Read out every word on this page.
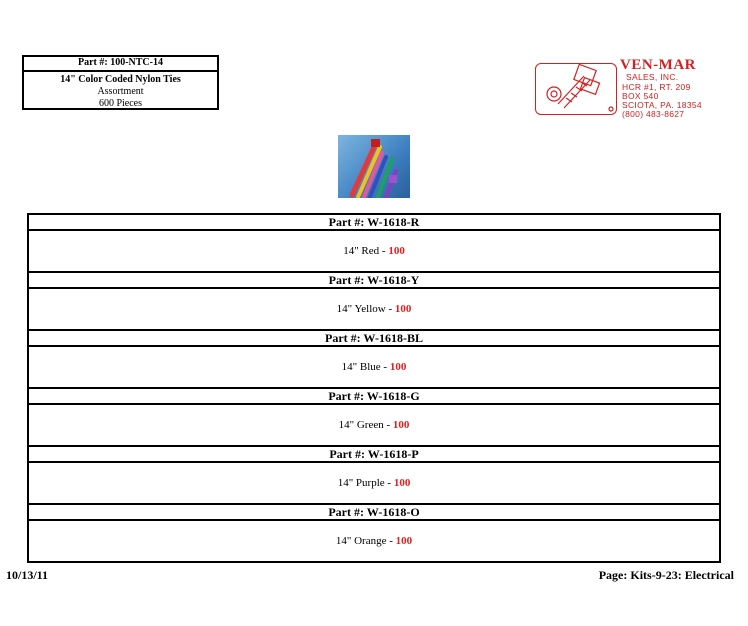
Part #: 100-NTC-14
14" Color Coded Nylon Ties
Assortment
600 Pieces
VEN-MAR
SALES, INC.
HCR #1, RT. 209
BOX 540
SCIOTA, PA. 18354
(800) 483-8627
Part #: W-1618-R
14" Red - 100
Part #: W-1618-Y
14" Yellow - 100
Part #: W-1618-BL
14" Blue - 100
Part #: W-1618-G
14" Green - 100
Part #: W-1618-P
14" Purple - 100
Part #: W-1618-O
14" Orange - 100
10/13/11	Page: Kits-9-23: Electrical
